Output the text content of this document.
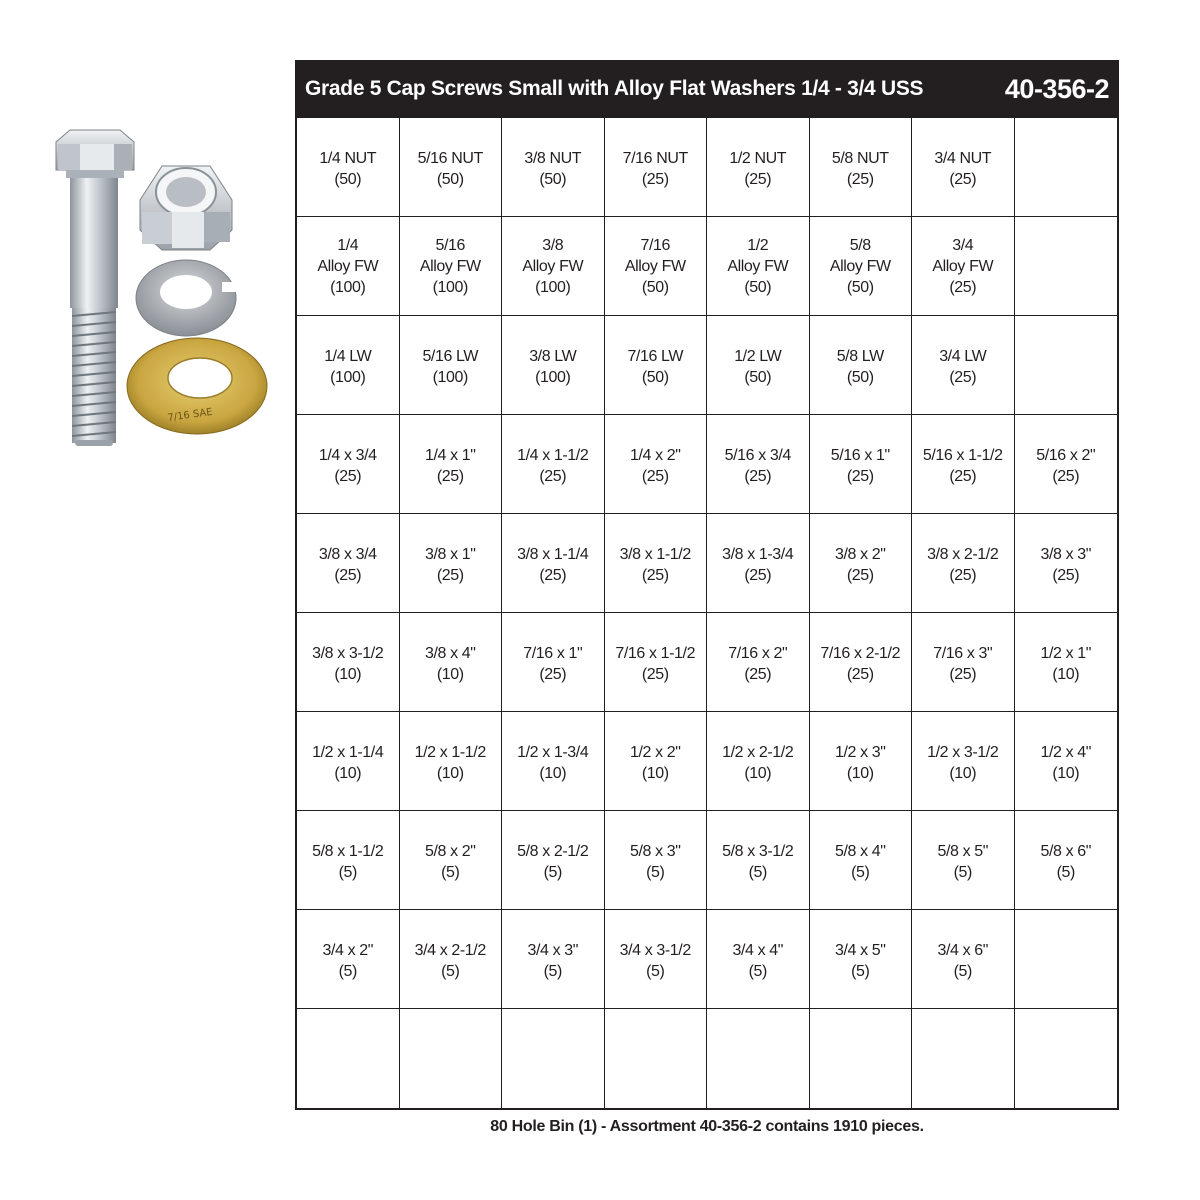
7/16 SAE
Grade 5 Cap Screws Small with Alloy Flat Washers 1/4 - 3/4 USS	40-356-2
1/4 NUT
(50)
5/16 NUT
(50)
3/8 NUT
(50)
7/16 NUT
(25)
1/2 NUT
(25)
5/8 NUT
(25)
3/4 NUT
(25)
1/4
Alloy FW
(100)
5/16
Alloy FW
(100)
3/8
Alloy FW
(100)
7/16
Alloy FW
(50)
1/2
Alloy FW
(50)
5/8
Alloy FW
(50)
3/4
Alloy FW
(25)
1/4 LW
(100)
5/16 LW
(100)
3/8 LW
(100)
7/16 LW
(50)
1/2 LW
(50)
5/8 LW
(50)
3/4 LW
(25)
1/4 x 3/4
(25)
1/4 x 1"
(25)
1/4 x 1-1/2
(25)
1/4 x 2"
(25)
5/16 x 3/4
(25)
5/16 x 1"
(25)
5/16 x 1-1/2
(25)
5/16 x 2"
(25)
3/8 x 3/4
(25)
3/8 x 1"
(25)
3/8 x 1-1/4
(25)
3/8 x 1-1/2
(25)
3/8 x 1-3/4
(25)
3/8 x 2"
(25)
3/8 x 2-1/2
(25)
3/8 x 3"
(25)
3/8 x 3-1/2
(10)
3/8 x 4"
(10)
7/16 x 1"
(25)
7/16 x 1-1/2
(25)
7/16 x 2"
(25)
7/16 x 2-1/2
(25)
7/16 x 3"
(25)
1/2 x 1"
(10)
1/2 x 1-1/4
(10)
1/2 x 1-1/2
(10)
1/2 x 1-3/4
(10)
1/2 x 2"
(10)
1/2 x 2-1/2
(10)
1/2 x 3"
(10)
1/2 x 3-1/2
(10)
1/2 x 4"
(10)
5/8 x 1-1/2
(5)
5/8 x 2"
(5)
5/8 x 2-1/2
(5)
5/8 x 3"
(5)
5/8 x 3-1/2
(5)
5/8 x 4"
(5)
5/8 x 5"
(5)
5/8 x 6"
(5)
3/4 x 2"
(5)
3/4 x 2-1/2
(5)
3/4 x 3"
(5)
3/4 x 3-1/2
(5)
3/4 x 4"
(5)
3/4 x 5"
(5)
3/4 x 6"
(5)
80 Hole Bin (1) - Assortment 40-356-2 contains 1910 pieces.
